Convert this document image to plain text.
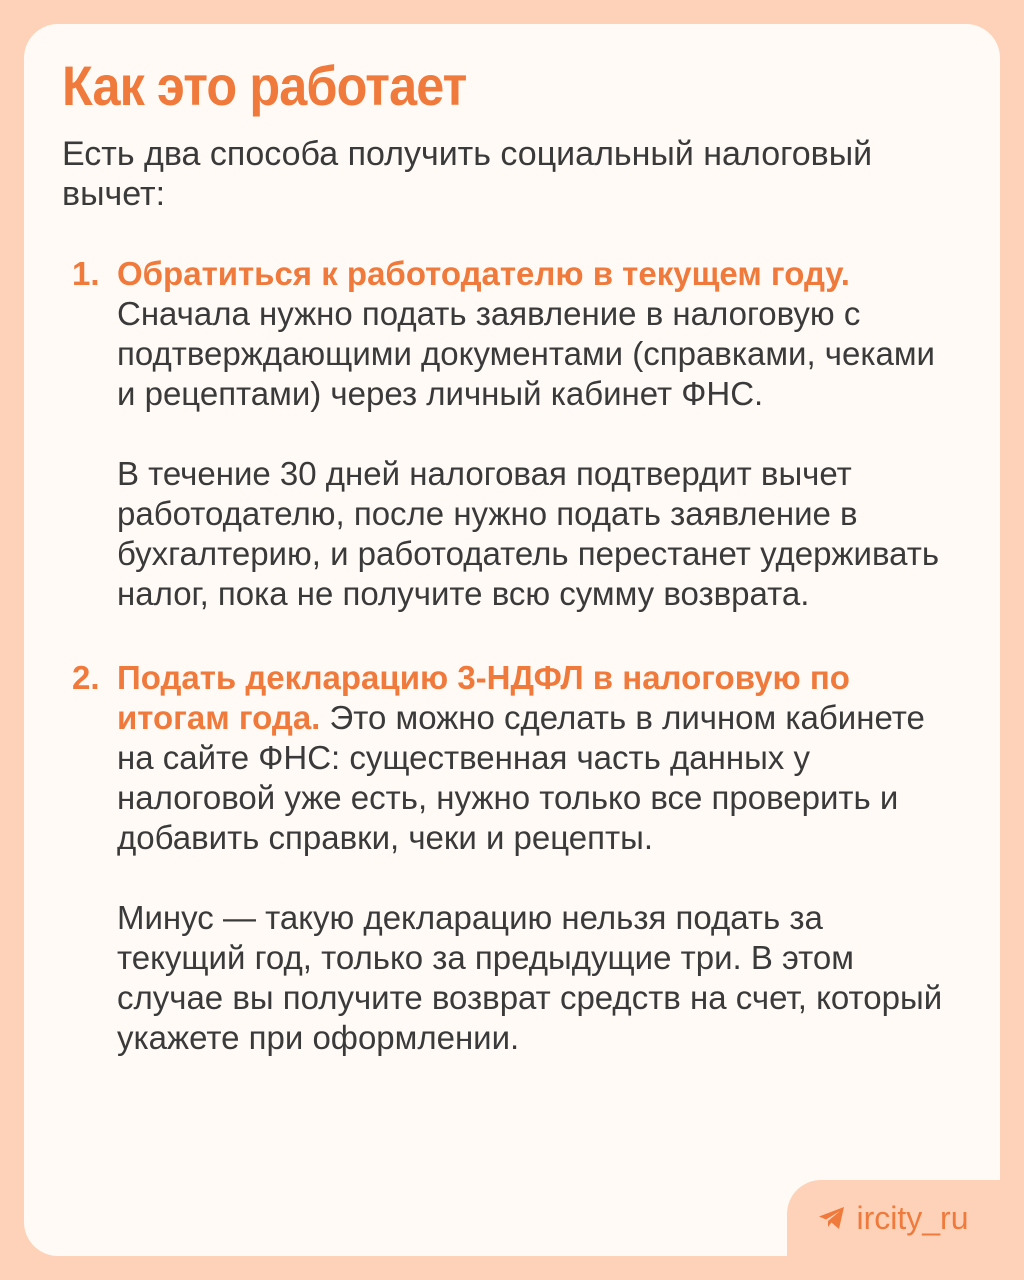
Как это работает

Есть два способа получить социальный налоговый вычет:

1. Обратиться к работодателю в текущем году. Сначала нужно подать заявление в налоговую с подтверждающими документами (справками, чеками и рецептами) через личный кабинет ФНС.

В течение 30 дней налоговая подтвердит вычет работодателю, после нужно подать заявление в бухгалтерию, и работодатель перестанет удерживать налог, пока не получите всю сумму возврата.

2. Подать декларацию 3-НДФЛ в налоговую по итогам года. Это можно сделать в личном кабинете на сайте ФНС: существенная часть данных у налоговой уже есть, нужно только все проверить и добавить справки, чеки и рецепты.

Минус — такую декларацию нельзя подать за текущий год, только за предыдущие три. В этом случае вы получите возврат средств на счет, который укажете при оформлении.

ircity_ru
